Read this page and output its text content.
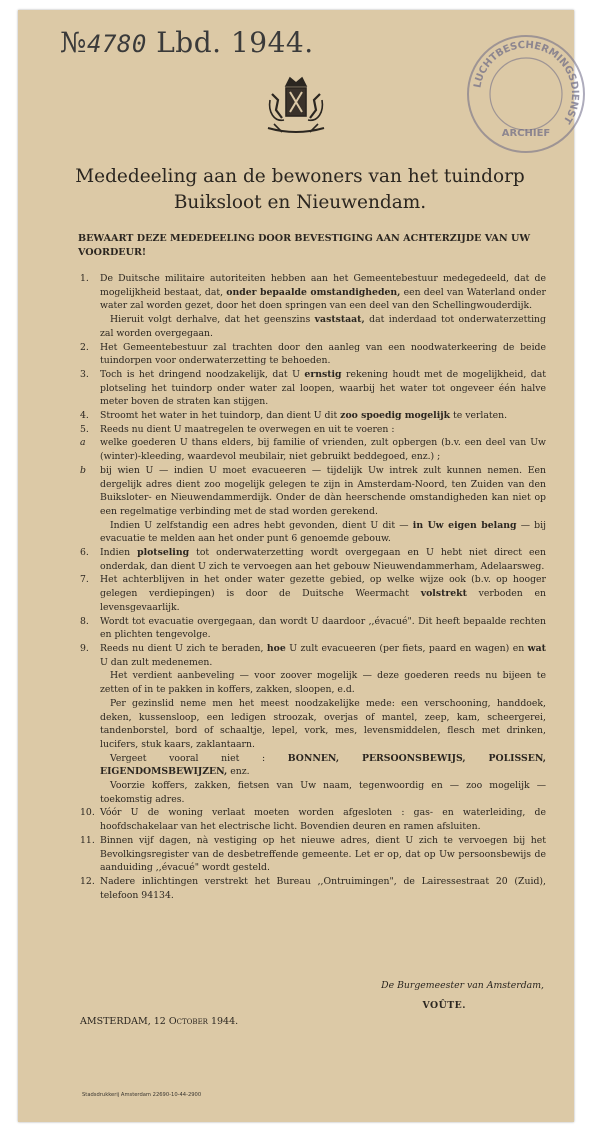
№4780 Lbd. 1944.
LUCHTBESCHERMINGSDIENST
ARCHIEF
Mededeeling aan de bewoners van het tuindorp
Buiksloot en Nieuwendam.
BEWAART DEZE MEDEDEELING DOOR BEVESTIGING AAN ACHTERZIJDE VAN UW VOORDEUR!
1. De Duitsche militaire autoriteiten hebben aan het Gemeentebestuur medegedeeld, dat de mogelijkheid bestaat, dat, onder bepaalde omstandigheden, een deel van Waterland onder water zal worden gezet, door het doen springen van een deel van den Schellingwouderdijk.
Hieruit volgt derhalve, dat het geenszins vaststaat, dat inderdaad tot onderwaterzetting zal worden overgegaan.
2. Het Gemeentebestuur zal trachten door den aanleg van een noodwaterkeering de beide tuindorpen voor onderwaterzetting te behoeden.
3. Toch is het dringend noodzakelijk, dat U ernstig rekening houdt met de mogelijkheid, dat plotseling het tuindorp onder water zal loopen, waarbij het water tot ongeveer één halve meter boven de straten kan stijgen.
4. Stroomt het water in het tuindorp, dan dient U dit zoo spoedig mogelijk te verlaten.
5. Reeds nu dient U maatregelen te overwegen en uit te voeren :
a welke goederen U thans elders, bij familie of vrienden, zult opbergen (b.v. een deel van Uw (winter)-kleeding, waardevol meubilair, niet gebruikt beddegoed, enz.) ;
b bij wien U — indien U moet evacueeren — tijdelijk Uw intrek zult kunnen nemen. Een dergelijk adres dient zoo mogelijk gelegen te zijn in Amsterdam-Noord, ten Zuiden van den Buiksloter- en Nieuwendammerdijk. Onder de dàn heerschende omstandigheden kan niet op een regelmatige verbinding met de stad worden gerekend.
Indien U zelfstandig een adres hebt gevonden, dient U dit — in Uw eigen belang — bij evacuatie te melden aan het onder punt 6 genoemde gebouw.
6. Indien plotseling tot onderwaterzetting wordt overgegaan en U hebt niet direct een onderdak, dan dient U zich te vervoegen aan het gebouw Nieuwendammerham, Adelaarsweg.
7. Het achterblijven in het onder water gezette gebied, op welke wijze ook (b.v. op hooger gelegen verdiepingen) is door de Duitsche Weermacht volstrekt verboden en levensgevaarlijk.
8. Wordt tot evacuatie overgegaan, dan wordt U daardoor ,,évacué". Dit heeft bepaalde rechten en plichten tengevolge.
9. Reeds nu dient U zich te beraden, hoe U zult evacueeren (per fiets, paard en wagen) en wat U dan zult medenemen.
Het verdient aanbeveling — voor zoover mogelijk — deze goederen reeds nu bijeen te zetten of in te pakken in koffers, zakken, sloopen, e.d.
Per gezinslid neme men het meest noodzakelijke mede: een verschooning, handdoek, deken, kussensloop, een ledigen stroozak, overjas of mantel, zeep, kam, scheergerei, tandenborstel, bord of schaaltje, lepel, vork, mes, levensmiddelen, flesch met drinken, lucifers, stuk kaars, zaklantaarn.
Vergeet vooral niet : BONNEN, PERSOONSBEWIJS, POLISSEN, EIGENDOMSBEWIJZEN, enz.
Voorzie koffers, zakken, fietsen van Uw naam, tegenwoordig en — zoo mogelijk — toekomstig adres.
10. Vóór U de woning verlaat moeten worden afgesloten : gas- en waterleiding, de hoofdschakelaar van het electrische licht. Bovendien deuren en ramen afsluiten.
11. Binnen vijf dagen, nà vestiging op het nieuwe adres, dient U zich te vervoegen bij het Bevolkingsregister van de desbetreffende gemeente. Let er op, dat op Uw persoonsbewijs de aanduiding ,,évacué" wordt gesteld.
12. Nadere inlichtingen verstrekt het Bureau ,,Ontruimingen", de Lairessestraat 20 (Zuid), telefoon 94134.
De Burgemeester van Amsterdam,
VOÛTE.
AMSTERDAM, 12 October 1944.
Stadsdrukkerij Amsterdam 22690-10-44-2900
